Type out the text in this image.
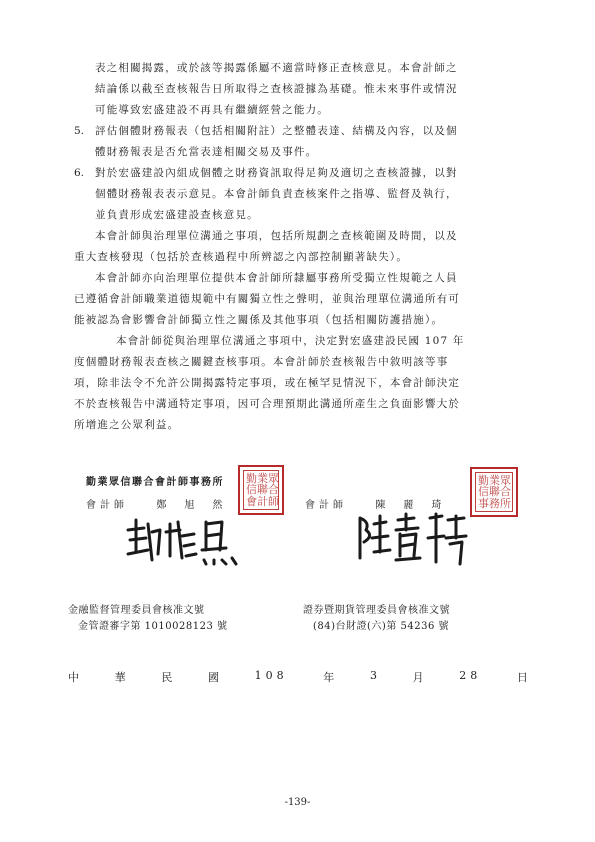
表之相關揭露，或於該等揭露係屬不適當時修正查核意見。本會計師之
結論係以截至查核報告日所取得之查核證據為基礎。惟未來事件或情況
可能導致宏盛建設不再具有繼續經營之能力。
5. 評估個體財務報表（包括相關附註）之整體表達、結構及內容，以及個
體財務報表是否允當表達相關交易及事件。
6. 對於宏盛建設內組成個體之財務資訊取得足夠及適切之查核證據，以對
個體財務報表表示意見。本會計師負責查核案件之指導、監督及執行，
並負責形成宏盛建設查核意見。
本會計師與治理單位溝通之事項，包括所規劃之查核範圍及時間，以及
重大查核發現（包括於查核過程中所辨認之內部控制顯著缺失）。
本會計師亦向治理單位提供本會計師所隸屬事務所受獨立性規範之人員
已遵循會計師職業道德規範中有關獨立性之聲明，並與治理單位溝通所有可
能被認為會影響會計師獨立性之關係及其他事項（包括相關防護措施）。
本會計師從與治理單位溝通之事項中，決定對宏盛建設民國 107 年
度個體財務報表查核之關鍵查核事項。本會計師於查核報告中敘明該等事
項，除非法令不允許公開揭露特定事項，或在極罕見情況下，本會計師決定
不於查核報告中溝通特定事項，因可合理預期此溝通所產生之負面影響大於
所增進之公眾利益。
勤業眾信聯合會計師事務所
會計師	鄭旭然	會計師	陳麗琦
勤 業 眾
信 聯 合
會 計 師
勤 業 眾
信 聯 合
事 務 所
金融監督管理委員會核准文號
金管證審字第 1010028123 號
證券暨期貨管理委員會核准文號
(84)台財證(六)第 54236 號
中	華	民	國	108	年	3	月	28	日
-139-
